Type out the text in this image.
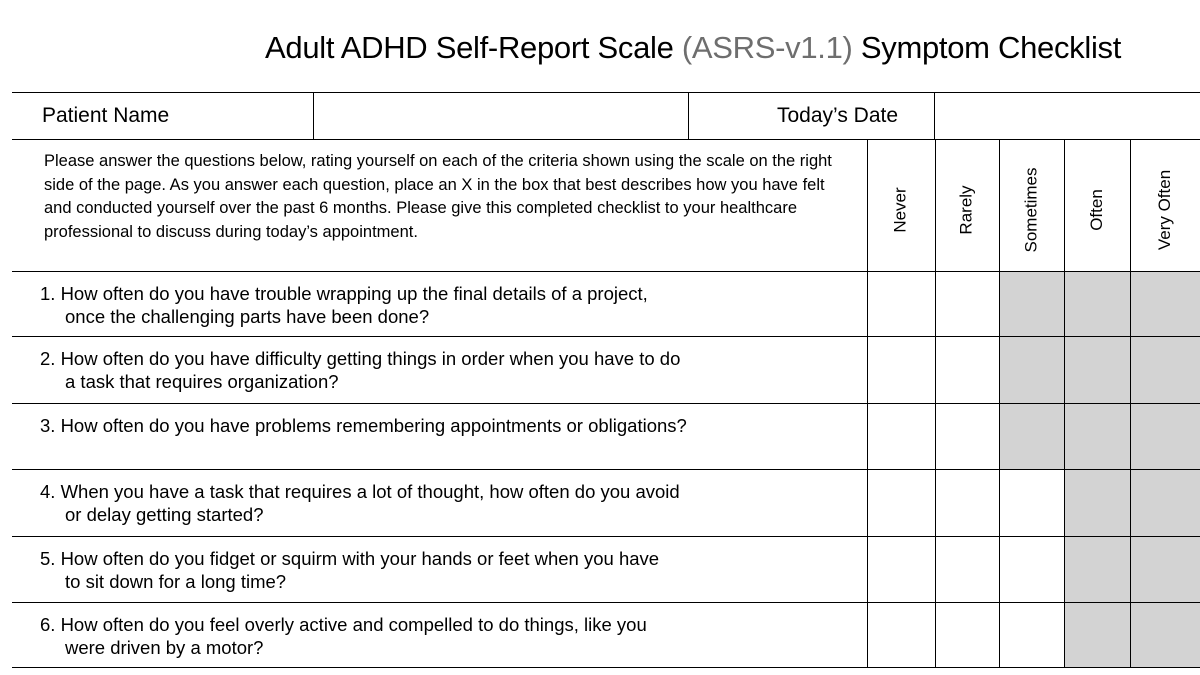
Adult ADHD Self-Report Scale (ASRS-v1.1) Symptom Checklist
Patient Name	Today’s Date
Please answer the questions below, rating yourself on each of the criteria shown using the scale on the right side of the page. As you answer each question, place an X in the box that best describes how you have felt and conducted yourself over the past 6 months. Please give this completed checklist to your healthcare professional to discuss during today’s appointment.	Never	Rarely	Sometimes	Often	Very Often
1. How often do you have trouble wrapping up the final details of a project,
once the challenging parts have been done?
2. How often do you have difficulty getting things in order when you have to do
a task that requires organization?
3. How often do you have problems remembering appointments or obligations?
4. When you have a task that requires a lot of thought, how often do you avoid
or delay getting started?
5. How often do you fidget or squirm with your hands or feet when you have
to sit down for a long time?
6. How often do you feel overly active and compelled to do things, like you
were driven by a motor?
